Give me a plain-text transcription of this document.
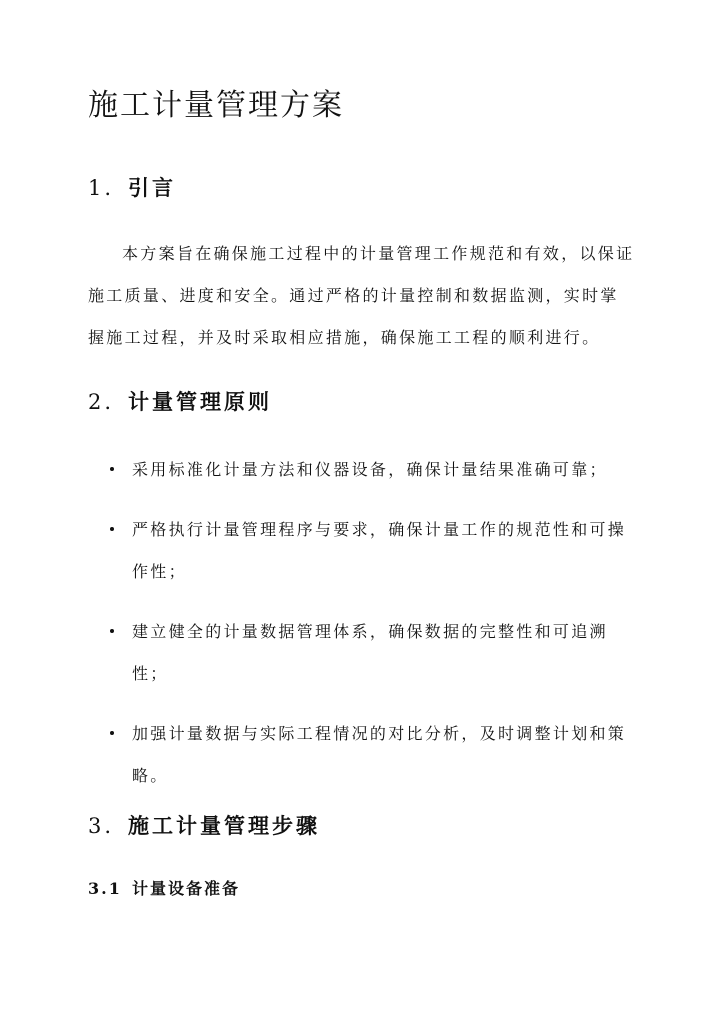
施工计量管理方案
1. 引言

本方案旨在确保施工过程中的计量管理工作规范和有效，以保证施工质量、进度和安全。通过严格的计量控制和数据监测，实时掌握施工过程，并及时采取相应措施，确保施工工程的顺利进行。

2. 计量管理原则
采用标准化计量方法和仪器设备，确保计量结果准确可靠；
严格执行计量管理程序与要求，确保计量工作的规范性和可操作性；
建立健全的计量数据管理体系，确保数据的完整性和可追溯性；
加强计量数据与实际工程情况的对比分析，及时调整计划和策略。
3. 施工计量管理步骤
3.1 计量设备准备
